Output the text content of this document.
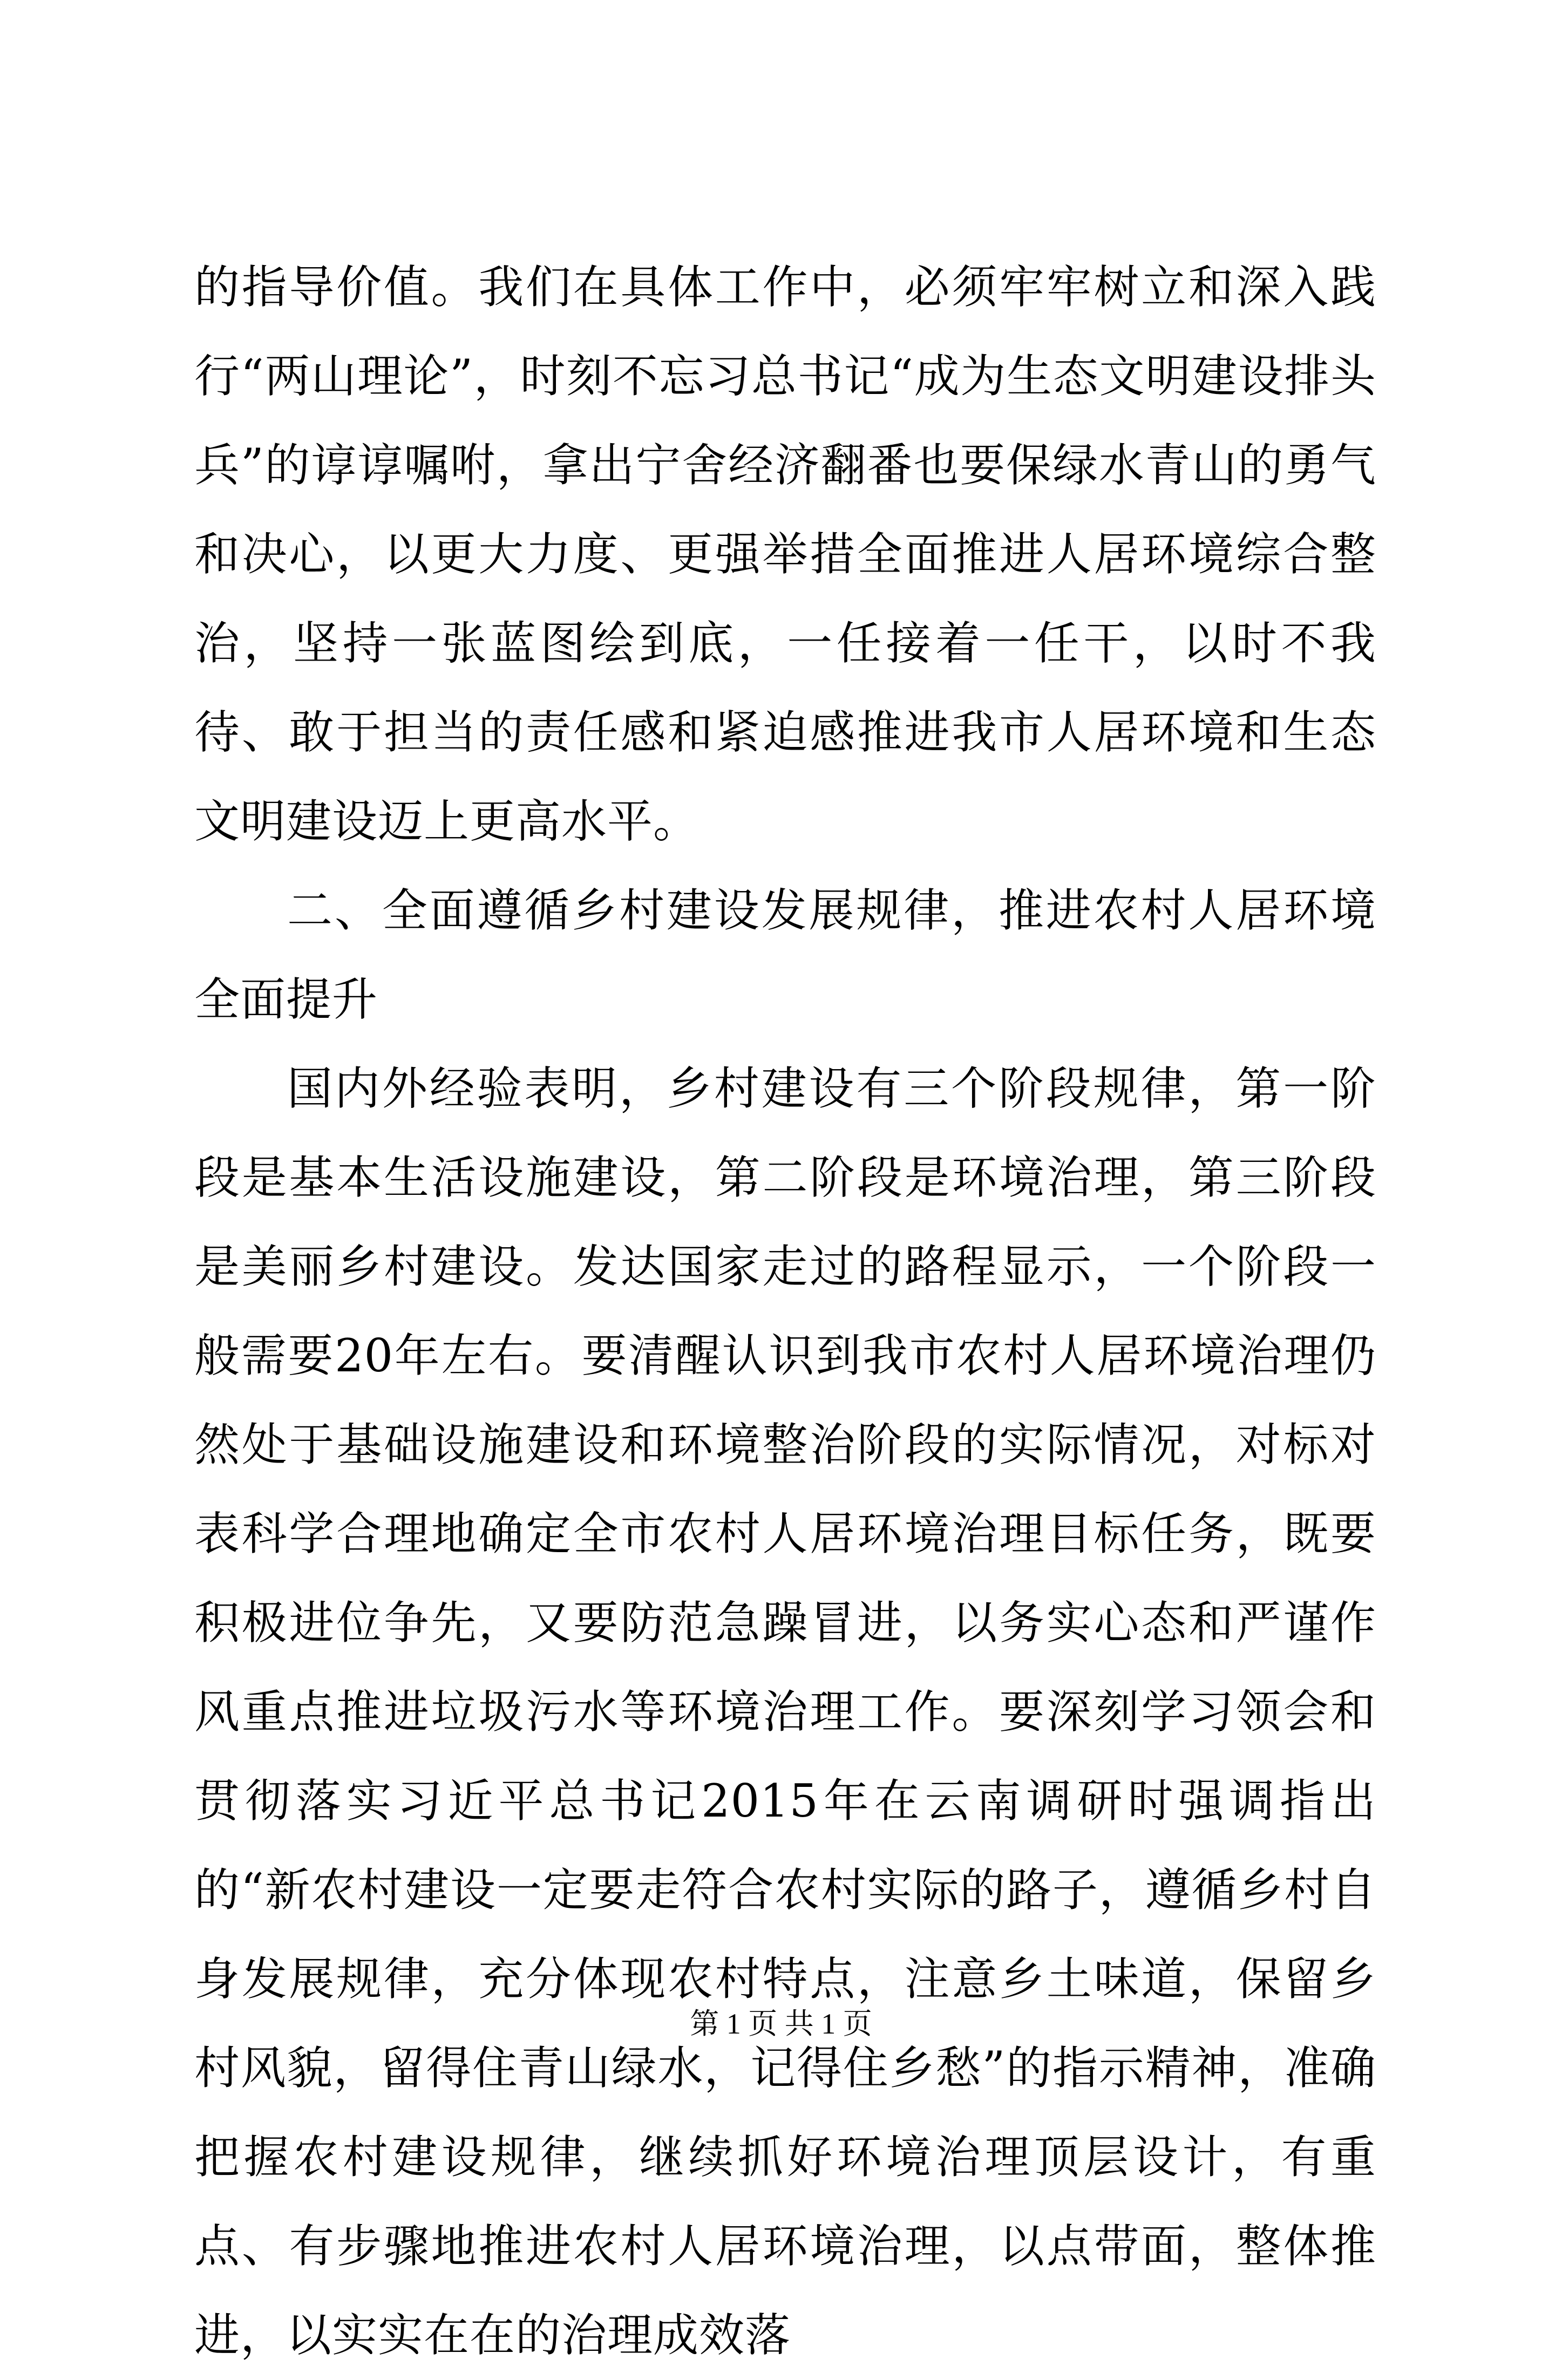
的指导价值。我们在具体工作中，必须牢牢树立和深入践行“两山理论”，时刻不忘习总书记“成为生态文明建设排头兵”的谆谆嘱咐，拿出宁舍经济翻番也要保绿水青山的勇气和决心，以更大力度、更强举措全面推进人居环境综合整治，坚持一张蓝图绘到底，一任接着一任干，以时不我待、敢于担当的责任感和紧迫感推进我市人居环境和生态文明建设迈上更高水平。

二、全面遵循乡村建设发展规律，推进农村人居环境全面提升

国内外经验表明，乡村建设有三个阶段规律，第一阶段是基本生活设施建设，第二阶段是环境治理，第三阶段是美丽乡村建设。发达国家走过的路程显示，一个阶段一般需要20年左右。要清醒认识到我市农村人居环境治理仍然处于基础设施建设和环境整治阶段的实际情况，对标对表科学合理地确定全市农村人居环境治理目标任务，既要积极进位争先，又要防范急躁冒进，以务实心态和严谨作风重点推进垃圾污水等环境治理工作。要深刻学习领会和贯彻落实习近平总书记2015年在云南调研时强调指出的“新农村建设一定要走符合农村实际的路子，遵循乡村自身发展规律，充分体现农村特点，注意乡土味道，保留乡村风貌，留得住青山绿水，记得住乡愁”的指示精神，准确把握农村建设规律，继续抓好环境治理顶层设计，有重点、有步骤地推进农村人居环境治理，以点带面，整体推进，以实实在在的治理成效落

第 1 页 共 1 页
